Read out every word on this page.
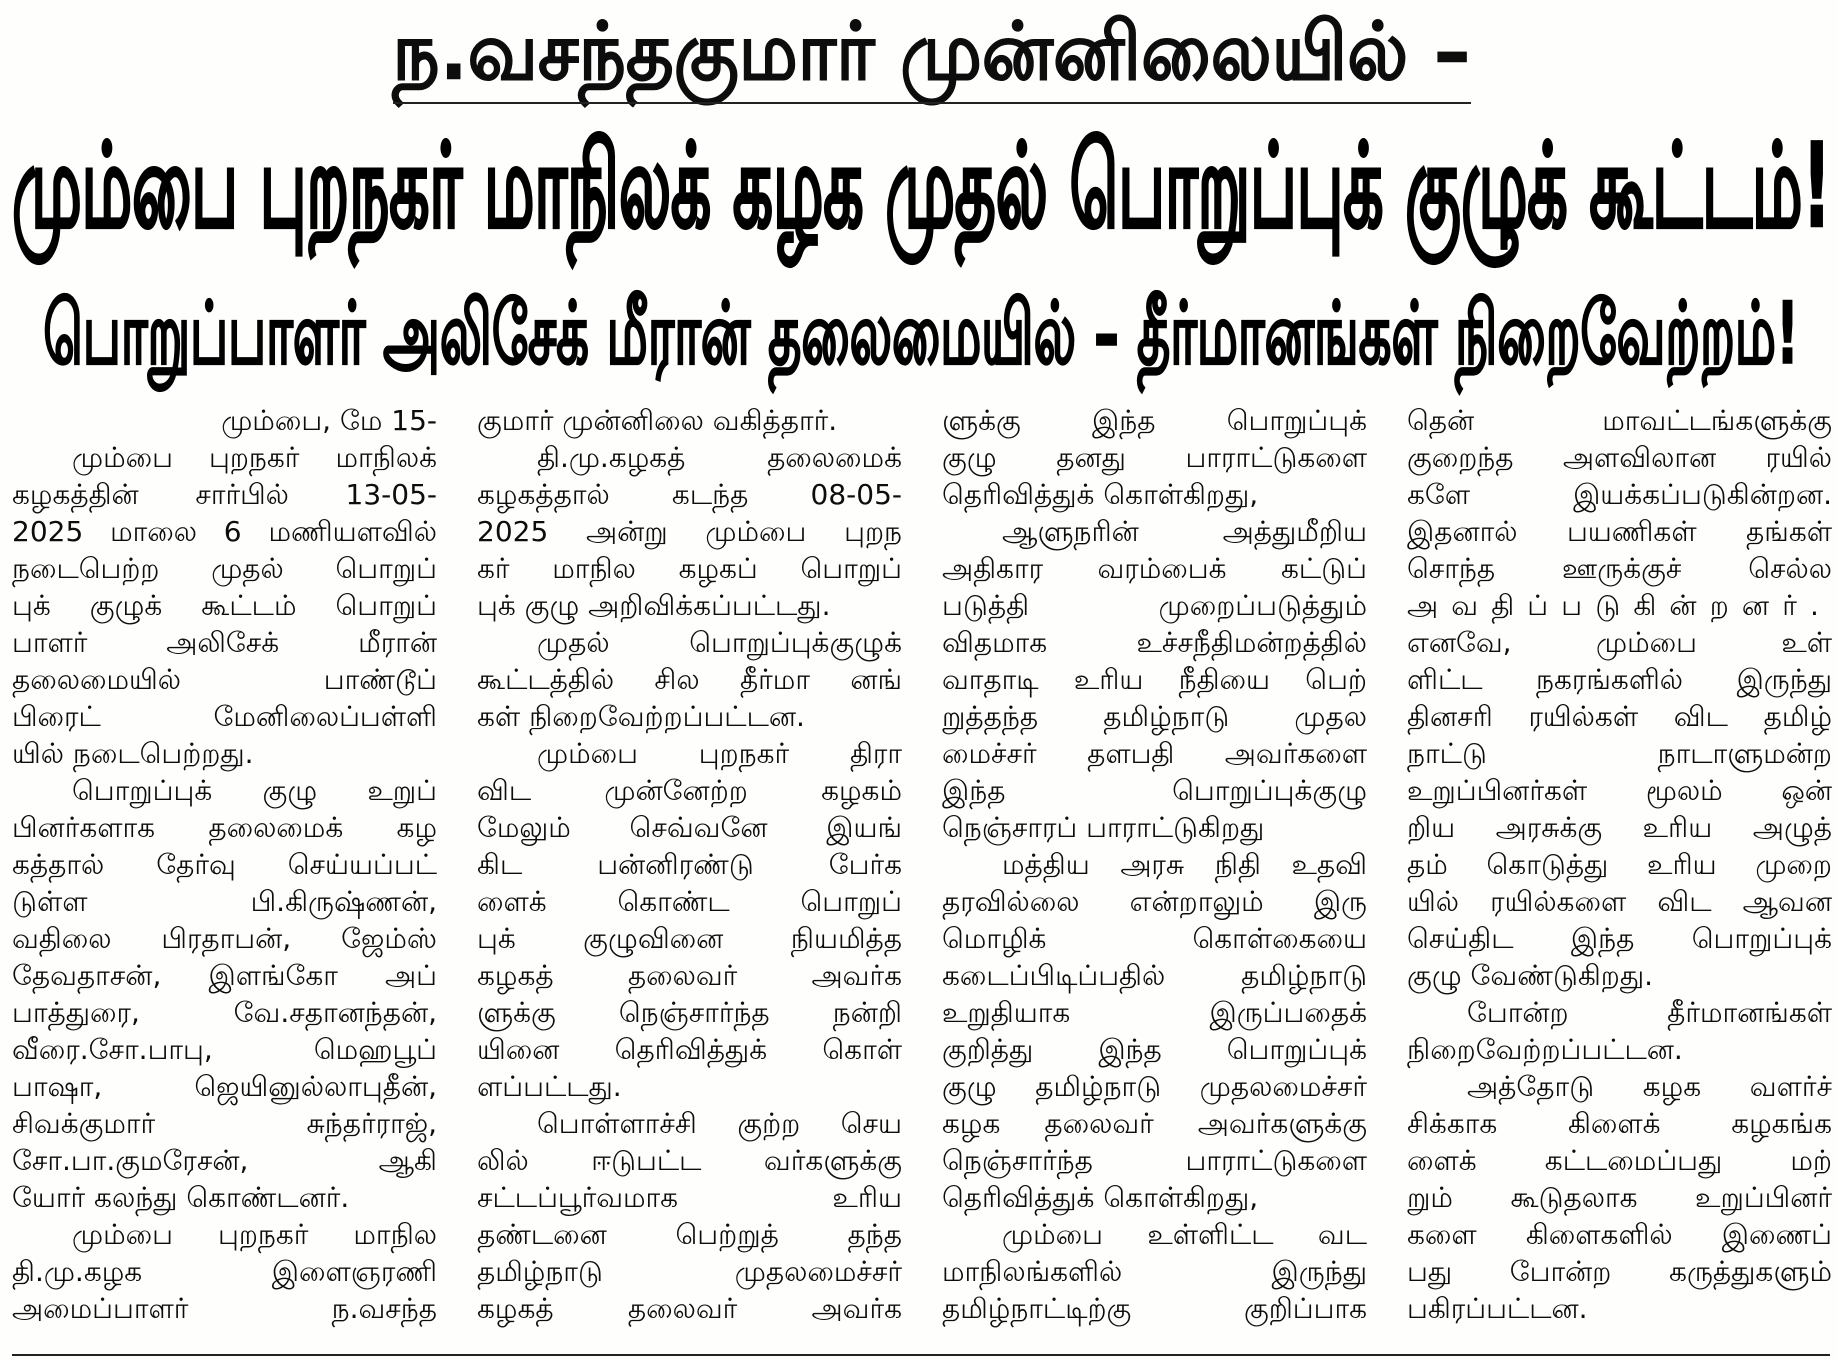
ந.வசந்தகுமார் முன்னிலையில் –
மும்பை புறநகர் மாநிலக் கழக முதல் பொறுப்புக் குழுக் கூட்டம்!
பொறுப்பாளர் அலிசேக் மீரான் தலைமையில் – தீர்மானங்கள் நிறைவேற்றம்!
மும்பை, மே 15-
மும்பை புறநகர் மாநிலக்
கழகத்தின் சார்பில் 13-05-
2025 மாலை 6 மணியளவில்
நடைபெற்ற முதல் பொறுப்
புக் குழுக் கூட்டம் பொறுப்
பாளர் அலிசேக் மீரான்
தலைமையில் பாண்டூப்
பிரைட் மேனிலைப்பள்ளி
யில் நடைபெற்றது.
பொறுப்புக் குழு உறுப்
பினர்களாக தலைமைக் கழ
கத்தால் தேர்வு செய்யப்பட்
டுள்ள பி.கிருஷ்ணன்,
வதிலை பிரதாபன், ஜேம்ஸ்
தேவதாசன், இளங்கோ அப்
பாத்துரை, வே.சதானந்தன்,
வீரை.சோ.பாபு, மெஹபூப்
பாஷா, ஜெயினுல்லாபுதீன்,
சிவக்குமார் சுந்தர்ராஜ்,
சோ.பா.குமரேசன், ஆகி
யோர் கலந்து கொண்டனர்.
மும்பை புறநகர் மாநில
தி.மு.கழக இளைஞரணி
அமைப்பாளர் ந.வசந்த
குமார் முன்னிலை வகித்தார்.
தி.மு.கழகத் தலைமைக்
கழகத்தால் கடந்த 08-05-
2025 அன்று மும்பை புறந
கர் மாநில கழகப் பொறுப்
புக் குழு அறிவிக்கப்பட்டது.
முதல் பொறுப்புக்குழுக்
கூட்டத்தில் சில தீர்மா னங்
கள் நிறைவேற்றப்பட்டன.
மும்பை புறநகர் திரா
விட முன்னேற்ற கழகம்
மேலும் செவ்வனே இயங்
கிட பன்னிரண்டு பேர்க
ளைக் கொண்ட பொறுப்
புக் குழுவினை நியமித்த
கழகத் தலைவர் அவர்க
ளுக்கு நெஞ்சார்ந்த நன்றி
யினை தெரிவித்துக் கொள்
ளப்பட்டது.
பொள்ளாச்சி குற்ற செய
லில் ஈடுபட்ட வர்களுக்கு
சட்டப்பூர்வமாக உரிய
தண்டனை பெற்றுத் தந்த
தமிழ்நாடு முதலமைச்சர்
கழகத் தலைவர் அவர்க
ளுக்கு இந்த பொறுப்புக்
குழு தனது பாராட்டுகளை
தெரிவித்துக் கொள்கிறது,
ஆளுநரின் அத்துமீறிய
அதிகார வரம்பைக் கட்டுப்
படுத்தி முறைப்படுத்தும்
விதமாக உச்சநீதிமன்றத்தில்
வாதாடி உரிய நீதியை பெற்
றுத்தந்த தமிழ்நாடு முதல
மைச்சர் தளபதி அவர்களை
இந்த பொறுப்புக்குழு
நெஞ்சாரப் பாராட்டுகிறது
மத்திய அரசு நிதி உதவி
தரவில்லை என்றாலும் இரு
மொழிக் கொள்கையை
கடைப்பிடிப்பதில் தமிழ்நாடு
உறுதியாக இருப்பதைக்
குறித்து இந்த பொறுப்புக்
குழு தமிழ்நாடு முதலமைச்சர்
கழக தலைவர் அவர்களுக்கு
நெஞ்சார்ந்த பாராட்டுகளை
தெரிவித்துக் கொள்கிறது,
மும்பை உள்ளிட்ட வட
மாநிலங்களில் இருந்து
தமிழ்நாட்டிற்கு குறிப்பாக
தென் மாவட்டங்களுக்கு
குறைந்த அளவிலான ரயில்
களே இயக்கப்படுகின்றன.
இதனால் பயணிகள் தங்கள்
சொந்த ஊருக்குச் செல்ல
அவதிப்படுகின்றனர்.
எனவே, மும்பை உள்
ளிட்ட நகரங்களில் இருந்து
தினசரி ரயில்கள் விட தமிழ்
நாட்டு நாடாளுமன்ற
உறுப்பினர்கள் மூலம் ஒன்
றிய அரசுக்கு உரிய அழுத்
தம் கொடுத்து உரிய முறை
யில் ரயில்களை விட ஆவன
செய்திட இந்த பொறுப்புக்
குழு வேண்டுகிறது.
போன்ற தீர்மானங்கள்
நிறைவேற்றப்பட்டன.
அத்தோடு கழக வளர்ச்
சிக்காக கிளைக் கழகங்க
ளைக் கட்டமைப்பது மற்
றும் கூடுதலாக உறுப்பினர்
களை கிளைகளில் இணைப்
பது போன்ற கருத்துகளும்
பகிரப்பட்டன.
